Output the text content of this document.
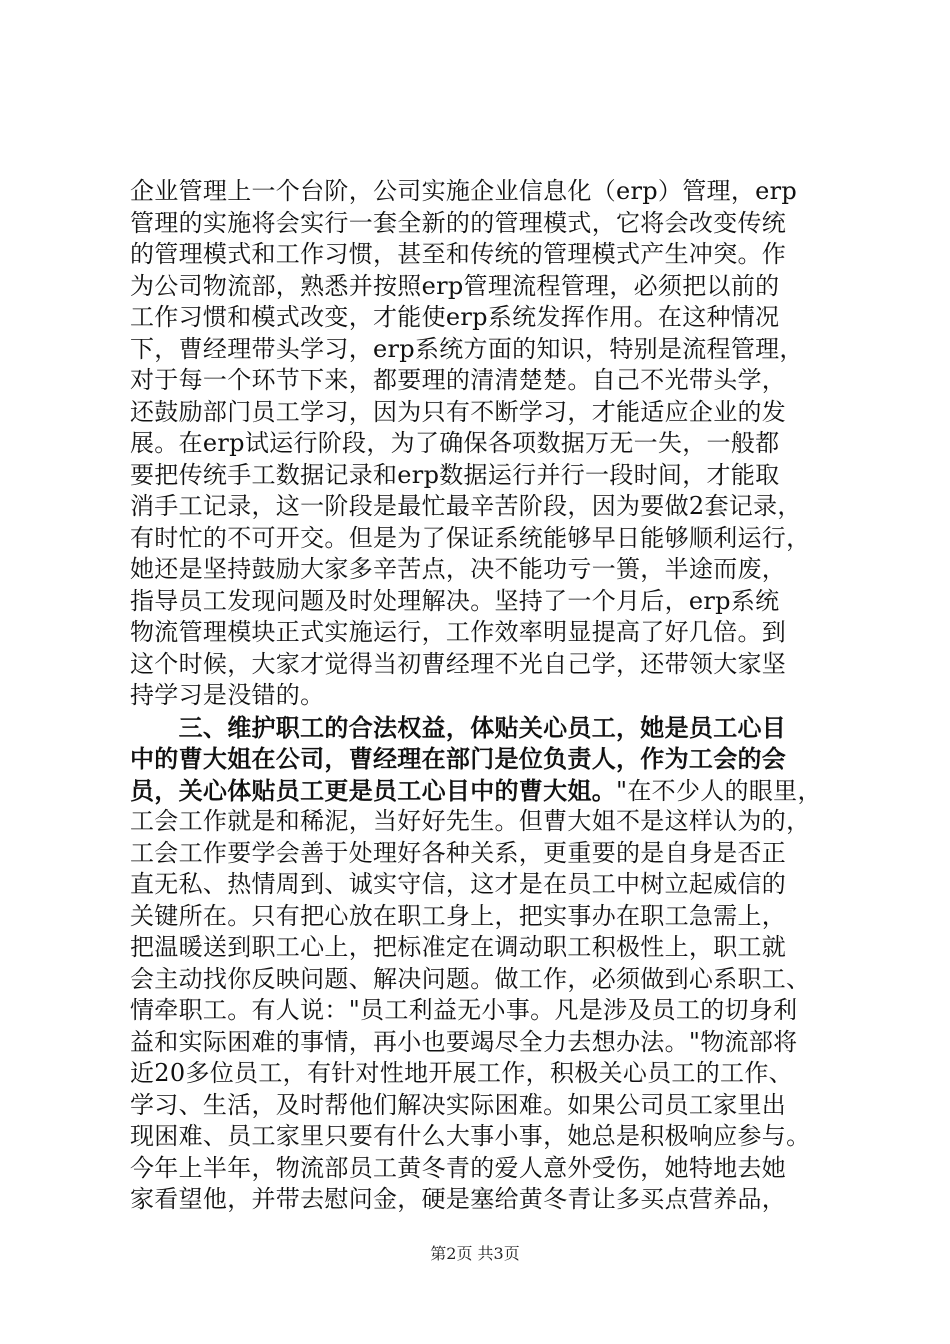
企业管理上一个台阶，公司实施企业信息化（erp）管理，erp
管理的实施将会实行一套全新的的管理模式，它将会改变传统
的管理模式和工作习惯，甚至和传统的管理模式产生冲突。作
为公司物流部，熟悉并按照erp管理流程管理，必须把以前的
工作习惯和模式改变，才能使erp系统发挥作用。在这种情况
下，曹经理带头学习，erp系统方面的知识，特别是流程管理，
对于每一个环节下来，都要理的清清楚楚。自己不光带头学，
还鼓励部门员工学习，因为只有不断学习，才能适应企业的发
展。在erp试运行阶段，为了确保各项数据万无一失，一般都
要把传统手工数据记录和erp数据运行并行一段时间，才能取
消手工记录，这一阶段是最忙最辛苦阶段，因为要做2套记录，
有时忙的不可开交。但是为了保证系统能够早日能够顺利运行，
她还是坚持鼓励大家多辛苦点，决不能功亏一篑，半途而废，
指导员工发现问题及时处理解决。坚持了一个月后，erp系统
物流管理模块正式实施运行，工作效率明显提高了好几倍。到
这个时候，大家才觉得当初曹经理不光自己学，还带领大家坚
持学习是没错的。
　　三、维护职工的合法权益，体贴关心员工，她是员工心目
中的曹大姐在公司，曹经理在部门是位负责人，作为工会的会
员，关心体贴员工更是员工心目中的曹大姐。"在不少人的眼里，
工会工作就是和稀泥，当好好先生。但曹大姐不是这样认为的，
工会工作要学会善于处理好各种关系，更重要的是自身是否正
直无私、热情周到、诚实守信，这才是在员工中树立起威信的
关键所在。只有把心放在职工身上，把实事办在职工急需上，
把温暖送到职工心上，把标准定在调动职工积极性上，职工就
会主动找你反映问题、解决问题。做工作，必须做到心系职工、
情牵职工。有人说："员工利益无小事。凡是涉及员工的切身利
益和实际困难的事情，再小也要竭尽全力去想办法。"物流部将
近20多位员工，有针对性地开展工作，积极关心员工的工作、
学习、生活，及时帮他们解决实际困难。如果公司员工家里出
现困难、员工家里只要有什么大事小事，她总是积极响应参与。
今年上半年，物流部员工黄冬青的爱人意外受伤，她特地去她
家看望他，并带去慰问金，硬是塞给黄冬青让多买点营养品，
第2页 共3页
